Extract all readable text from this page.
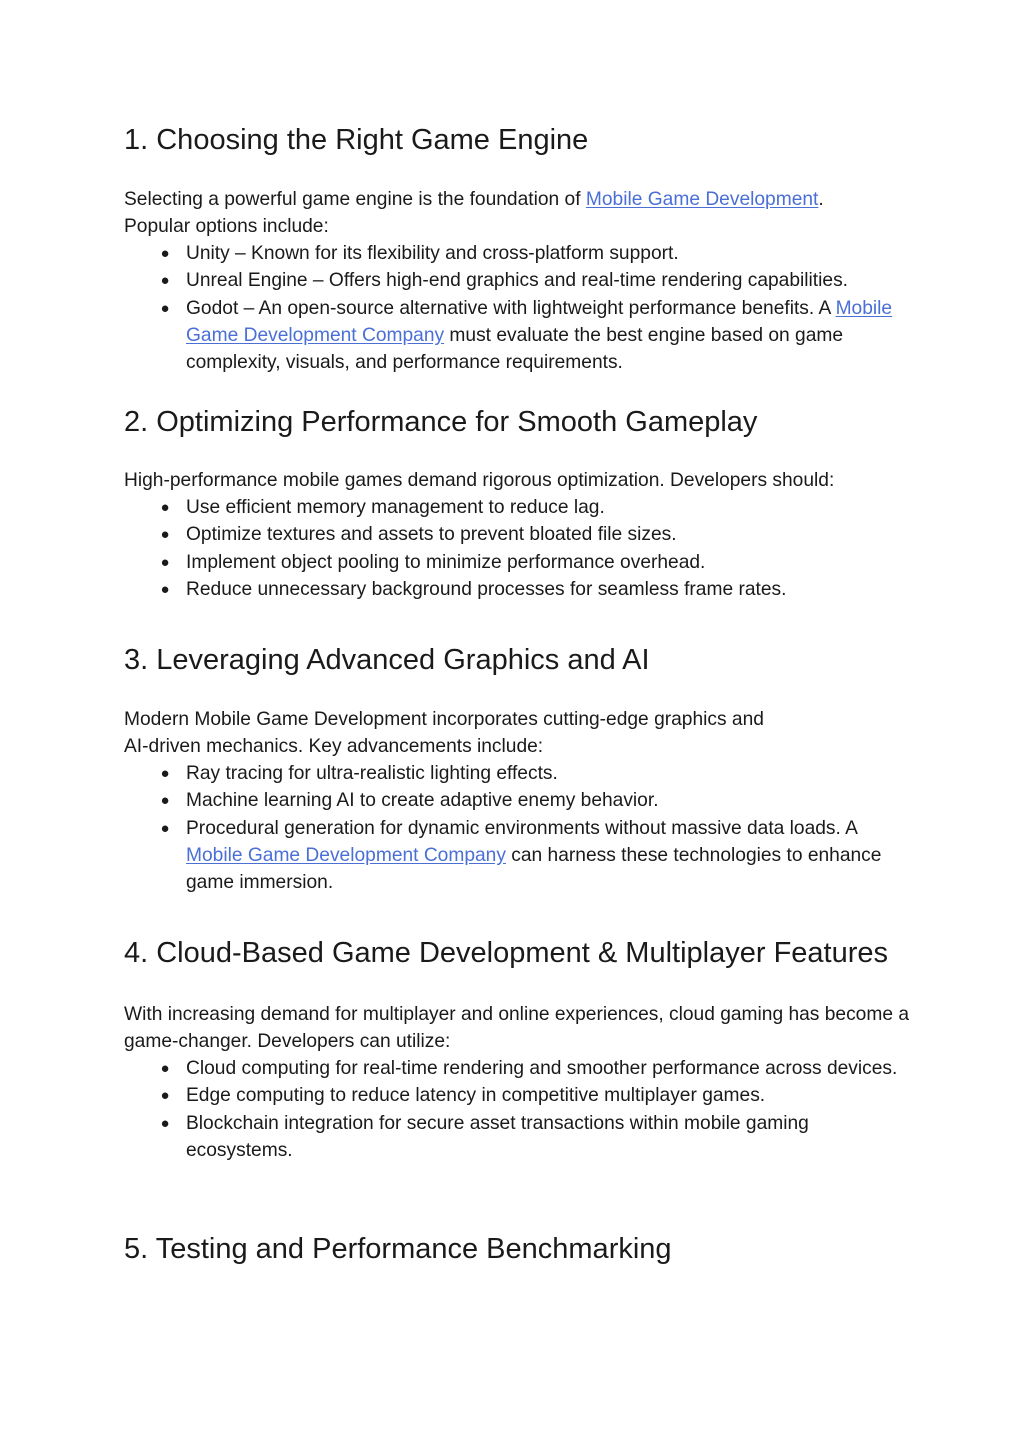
1. Choosing the Right Game Engine

Selecting a powerful game engine is the foundation of Mobile Game Development.
Popular options include:

● Unity – Known for its flexibility and cross-platform support.
● Unreal Engine – Offers high-end graphics and real-time rendering capabilities.
● Godot – An open-source alternative with lightweight performance benefits. A Mobile Game Development Company must evaluate the best engine based on game complexity, visuals, and performance requirements.
2. Optimizing Performance for Smooth Gameplay

High-performance mobile games demand rigorous optimization. Developers should:

● Use efficient memory management to reduce lag.
● Optimize textures and assets to prevent bloated file sizes.
● Implement object pooling to minimize performance overhead.
● Reduce unnecessary background processes for seamless frame rates.
3. Leveraging Advanced Graphics and AI

Modern Mobile Game Development incorporates cutting-edge graphics and
AI-driven mechanics. Key advancements include:

● Ray tracing for ultra-realistic lighting effects.
● Machine learning AI to create adaptive enemy behavior.
● Procedural generation for dynamic environments without massive data loads. A Mobile Game Development Company can harness these technologies to enhance game immersion.
4. Cloud-Based Game Development & Multiplayer Features

With increasing demand for multiplayer and online experiences, cloud gaming has become a game-changer. Developers can utilize:

● Cloud computing for real-time rendering and smoother performance across devices.
● Edge computing to reduce latency in competitive multiplayer games.
● Blockchain integration for secure asset transactions within mobile gaming ecosystems.
5. Testing and Performance Benchmarking
